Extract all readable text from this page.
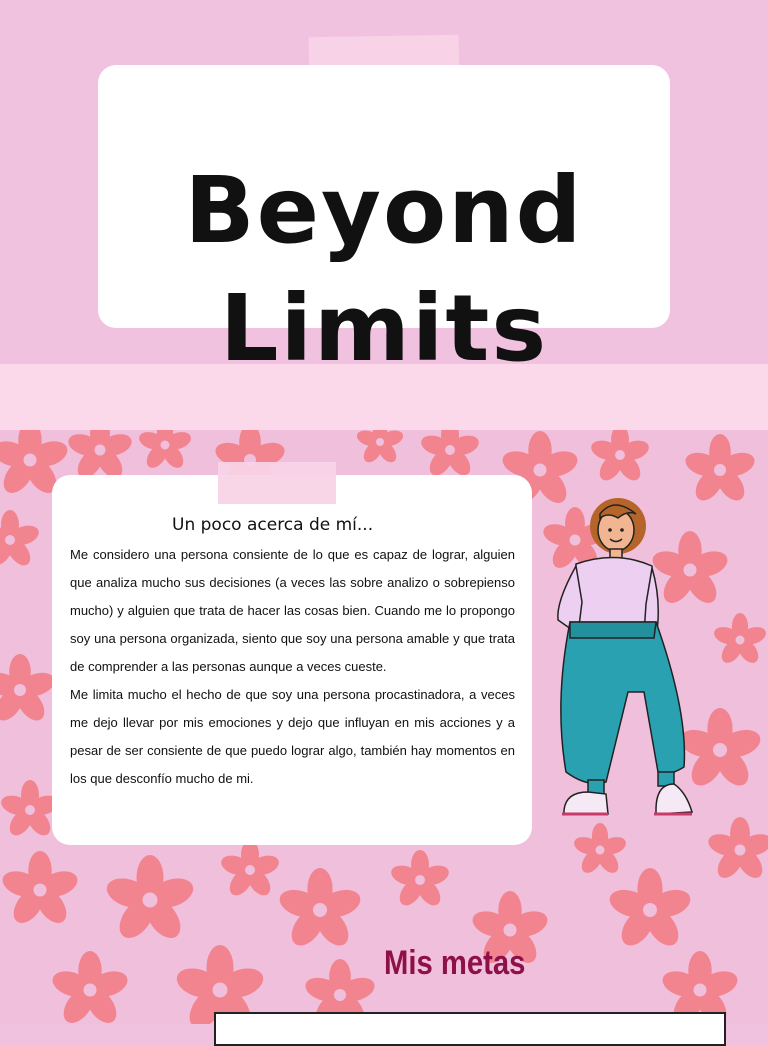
Beyond
Limits
Un poco acerca de mí...

Me considero una persona consiente de lo que es capaz de lograr, alguien que analiza mucho sus decisiones (a veces las sobre analizo o sobrepienso mucho) y alguien que trata de hacer las cosas bien. Cuando me lo propongo soy una persona organizada, siento que soy una persona amable y que trata de comprender a las personas aunque a veces cueste.

Me limita mucho el hecho de que soy una persona procastinadora, a veces me dejo llevar por mis emociones y dejo que influyan en mis acciones y a pesar de ser consiente de que puedo lograr algo, también hay momentos en los que desconfío mucho de mi.

Mis metas
